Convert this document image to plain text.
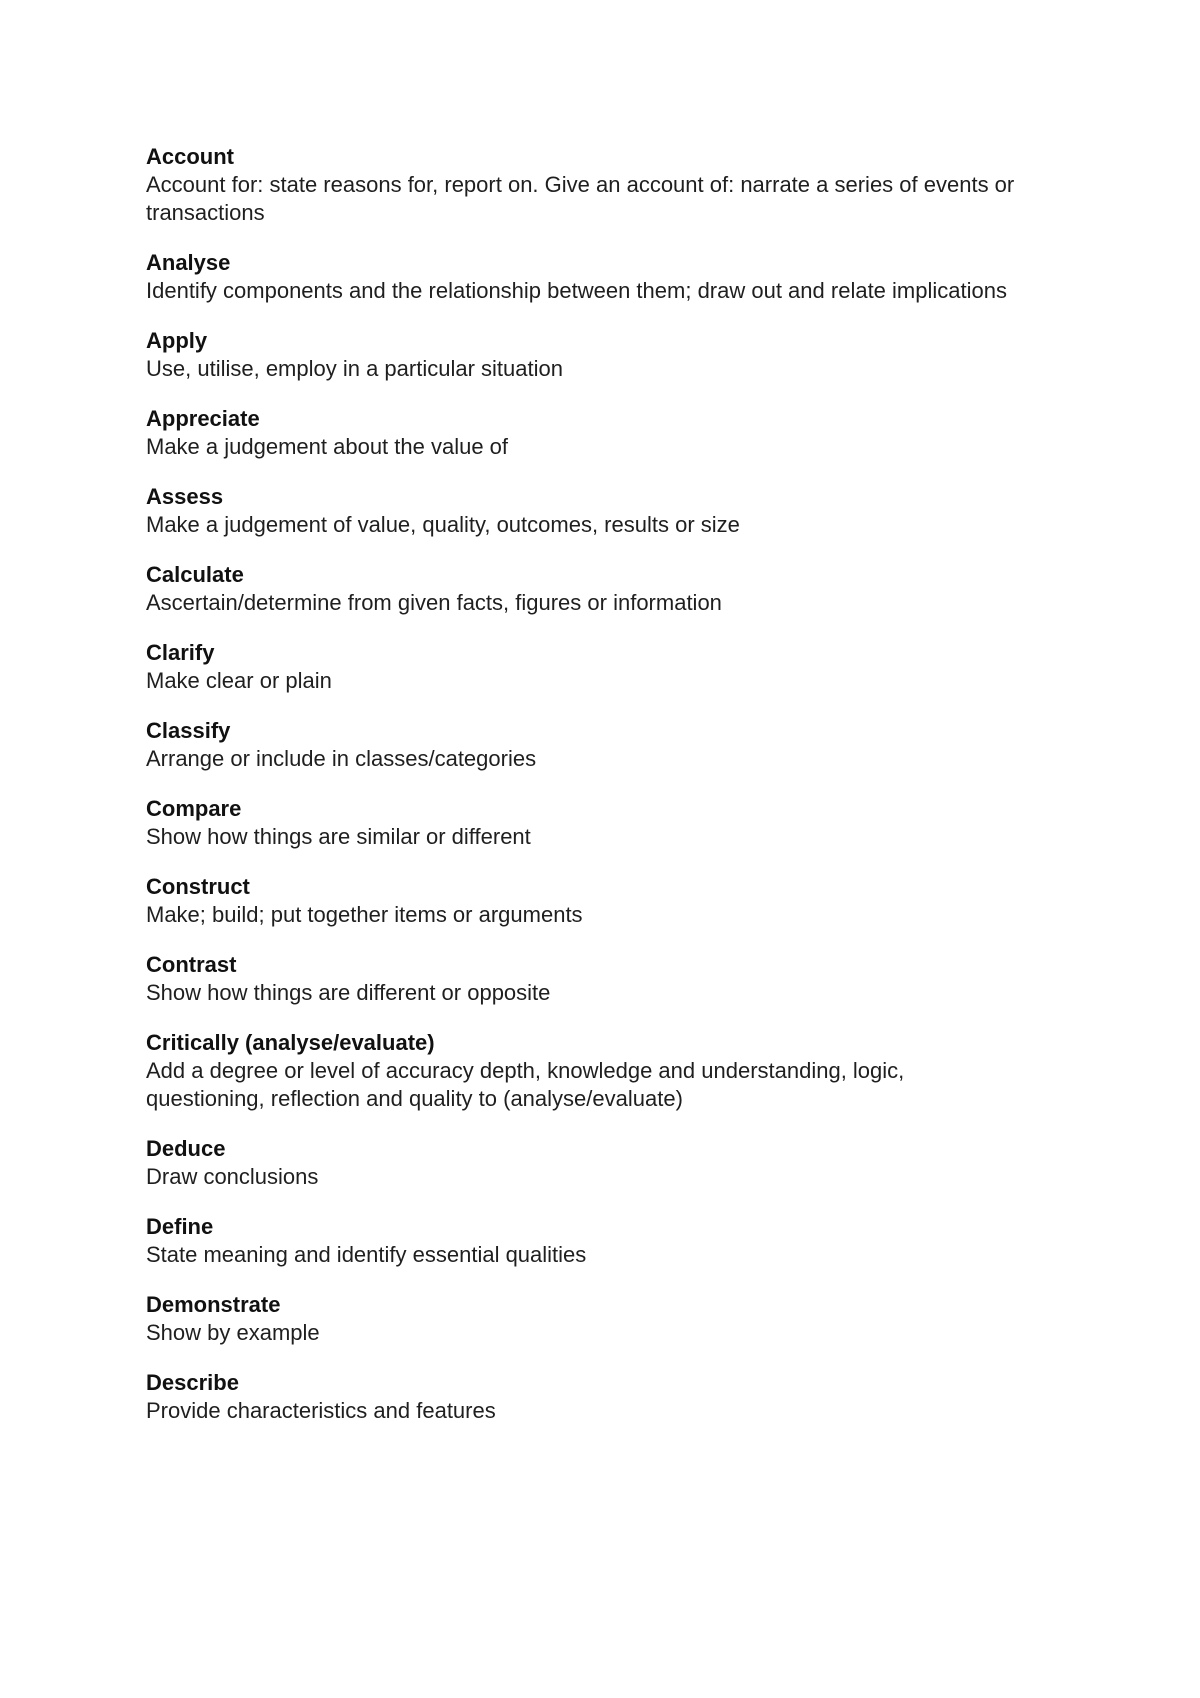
Account
Account for: state reasons for, report on. Give an account of: narrate a series of events or transactions
Analyse
Identify components and the relationship between them; draw out and relate implications
Apply
Use, utilise, employ in a particular situation
Appreciate
Make a judgement about the value of
Assess
Make a judgement of value, quality, outcomes, results or size
Calculate
Ascertain/determine from given facts, figures or information
Clarify
Make clear or plain
Classify
Arrange or include in classes/categories
Compare
Show how things are similar or different
Construct
Make; build; put together items or arguments
Contrast
Show how things are different or opposite
Critically (analyse/evaluate)
Add a degree or level of accuracy depth, knowledge and understanding, logic, questioning, reflection and quality to (analyse/evaluate)
Deduce
Draw conclusions
Define
State meaning and identify essential qualities
Demonstrate
Show by example
Describe
Provide characteristics and features
